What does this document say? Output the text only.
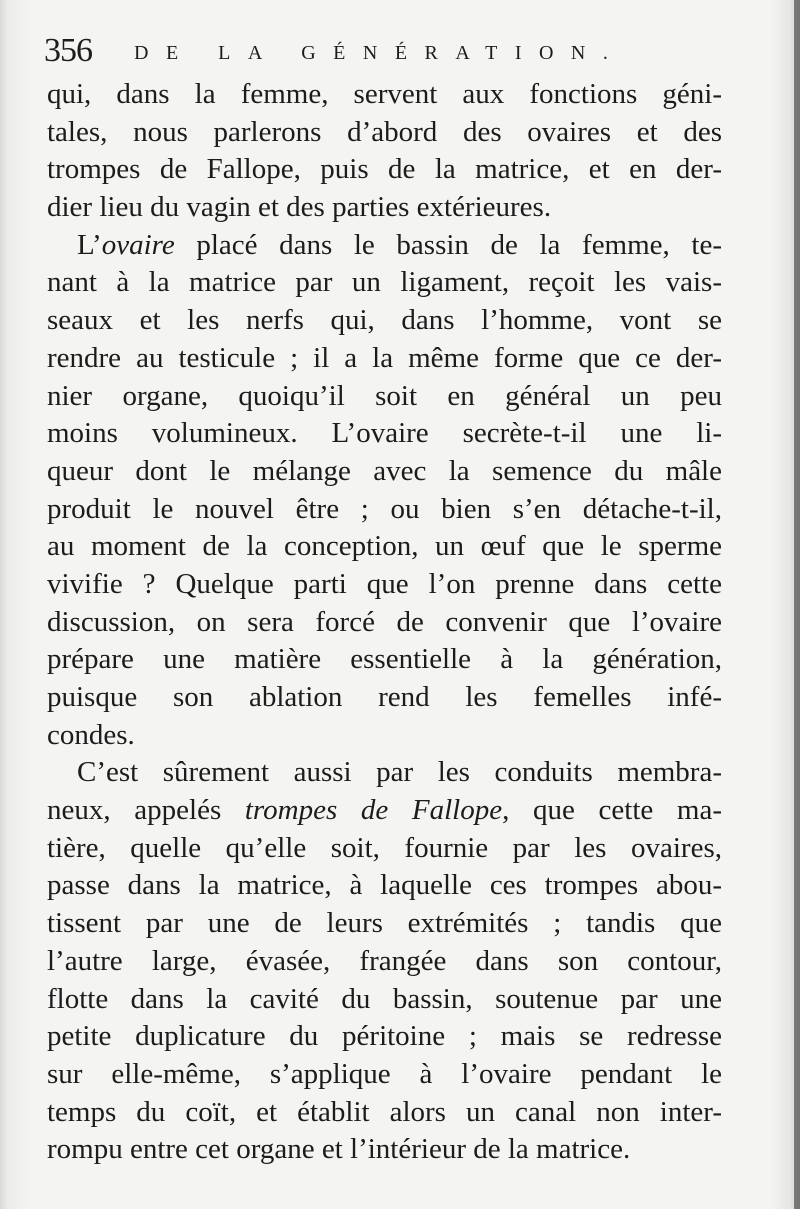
356 DE LA GÉNÉRATION.
qui, dans la femme, servent aux fonctions géni-
tales, nous parlerons d’abord des ovaires et des
trompes de Fallope, puis de la matrice, et en der-
dier lieu du vagin et des parties extérieures.
L’ovaire placé dans le bassin de la femme, te-
nant à la matrice par un ligament, reçoit les vais-
seaux et les nerfs qui, dans l’homme, vont se
rendre au testicule ; il a la même forme que ce der-
nier organe, quoiqu’il soit en général un peu
moins volumineux. L’ovaire secrète-t-il une li-
queur dont le mélange avec la semence du mâle
produit le nouvel être ; ou bien s’en détache-t-il,
au moment de la conception, un œuf que le sperme
vivifie ? Quelque parti que l’on prenne dans cette
discussion, on sera forcé de convenir que l’ovaire
prépare une matière essentielle à la génération,
puisque son ablation rend les femelles infé-
condes.
C’est sûrement aussi par les conduits membra-
neux, appelés trompes de Fallope, que cette ma-
tière, quelle qu’elle soit, fournie par les ovaires,
passe dans la matrice, à laquelle ces trompes abou-
tissent par une de leurs extrémités ; tandis que
l’autre large, évasée, frangée dans son contour,
flotte dans la cavité du bassin, soutenue par une
petite duplicature du péritoine ; mais se redresse
sur elle-même, s’applique à l’ovaire pendant le
temps du coït, et établit alors un canal non inter-
rompu entre cet organe et l’intérieur de la matrice.
